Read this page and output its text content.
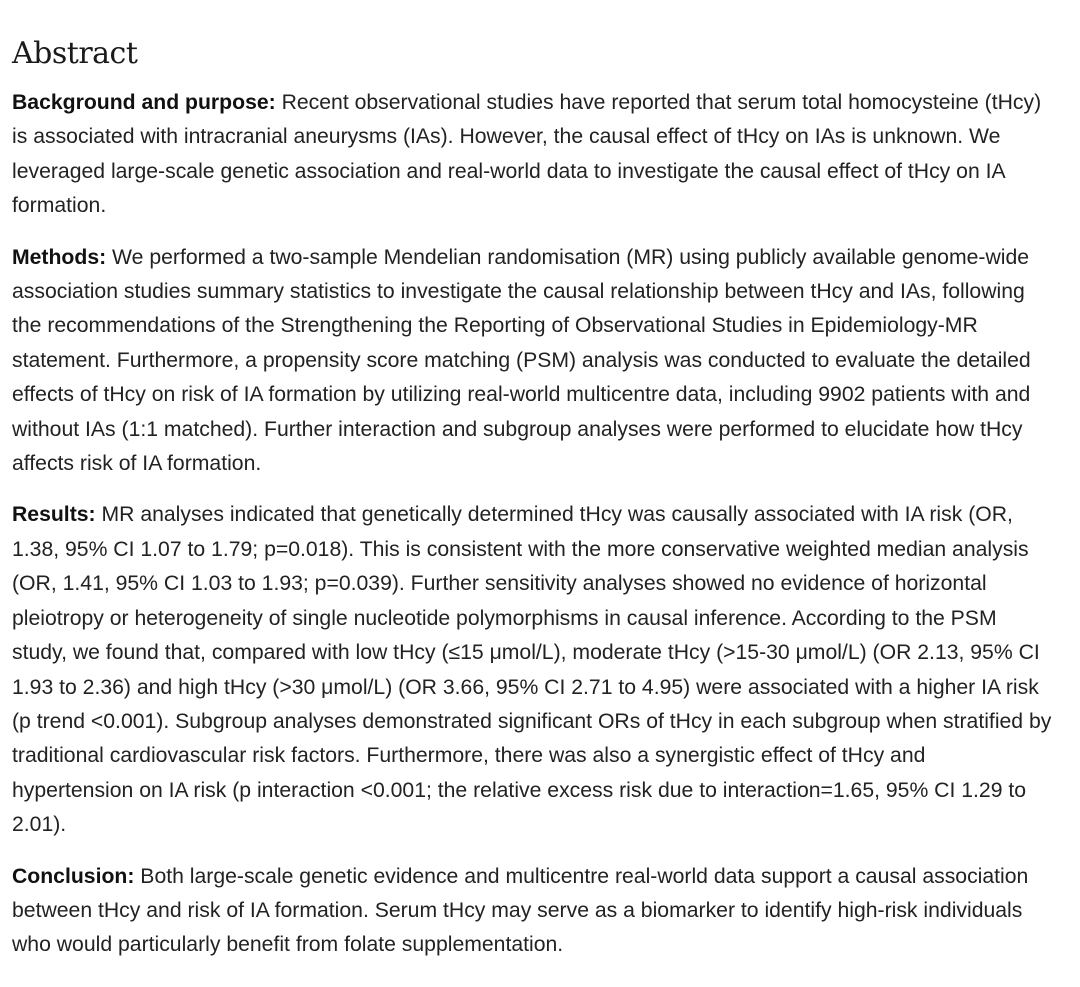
Abstract

Background and purpose: Recent observational studies have reported that serum total homocysteine (tHcy) is associated with intracranial aneurysms (IAs). However, the causal effect of tHcy on IAs is unknown. We leveraged large-scale genetic association and real-world data to investigate the causal effect of tHcy on IA formation.

Methods: We performed a two-sample Mendelian randomisation (MR) using publicly available genome-wide association studies summary statistics to investigate the causal relationship between tHcy and IAs, following the recommendations of the Strengthening the Reporting of Observational Studies in Epidemiology-MR statement. Furthermore, a propensity score matching (PSM) analysis was conducted to evaluate the detailed effects of tHcy on risk of IA formation by utilizing real-world multicentre data, including 9902 patients with and without IAs (1:1 matched). Further interaction and subgroup analyses were performed to elucidate how tHcy affects risk of IA formation.

Results: MR analyses indicated that genetically determined tHcy was causally associated with IA risk (OR, 1.38, 95% CI 1.07 to 1.79; p=0.018). This is consistent with the more conservative weighted median analysis (OR, 1.41, 95% CI 1.03 to 1.93; p=0.039). Further sensitivity analyses showed no evidence of horizontal pleiotropy or heterogeneity of single nucleotide polymorphisms in causal inference. According to the PSM study, we found that, compared with low tHcy (≤15 μmol/L), moderate tHcy (>15-30 μmol/L) (OR 2.13, 95% CI 1.93 to 2.36) and high tHcy (>30 μmol/L) (OR 3.66, 95% CI 2.71 to 4.95) were associated with a higher IA risk (p trend <0.001). Subgroup analyses demonstrated significant ORs of tHcy in each subgroup when stratified by traditional cardiovascular risk factors. Furthermore, there was also a synergistic effect of tHcy and hypertension on IA risk (p interaction <0.001; the relative excess risk due to interaction=1.65, 95% CI 1.29 to 2.01).

Conclusion: Both large-scale genetic evidence and multicentre real-world data support a causal association between tHcy and risk of IA formation. Serum tHcy may serve as a biomarker to identify high-risk individuals who would particularly benefit from folate supplementation.
